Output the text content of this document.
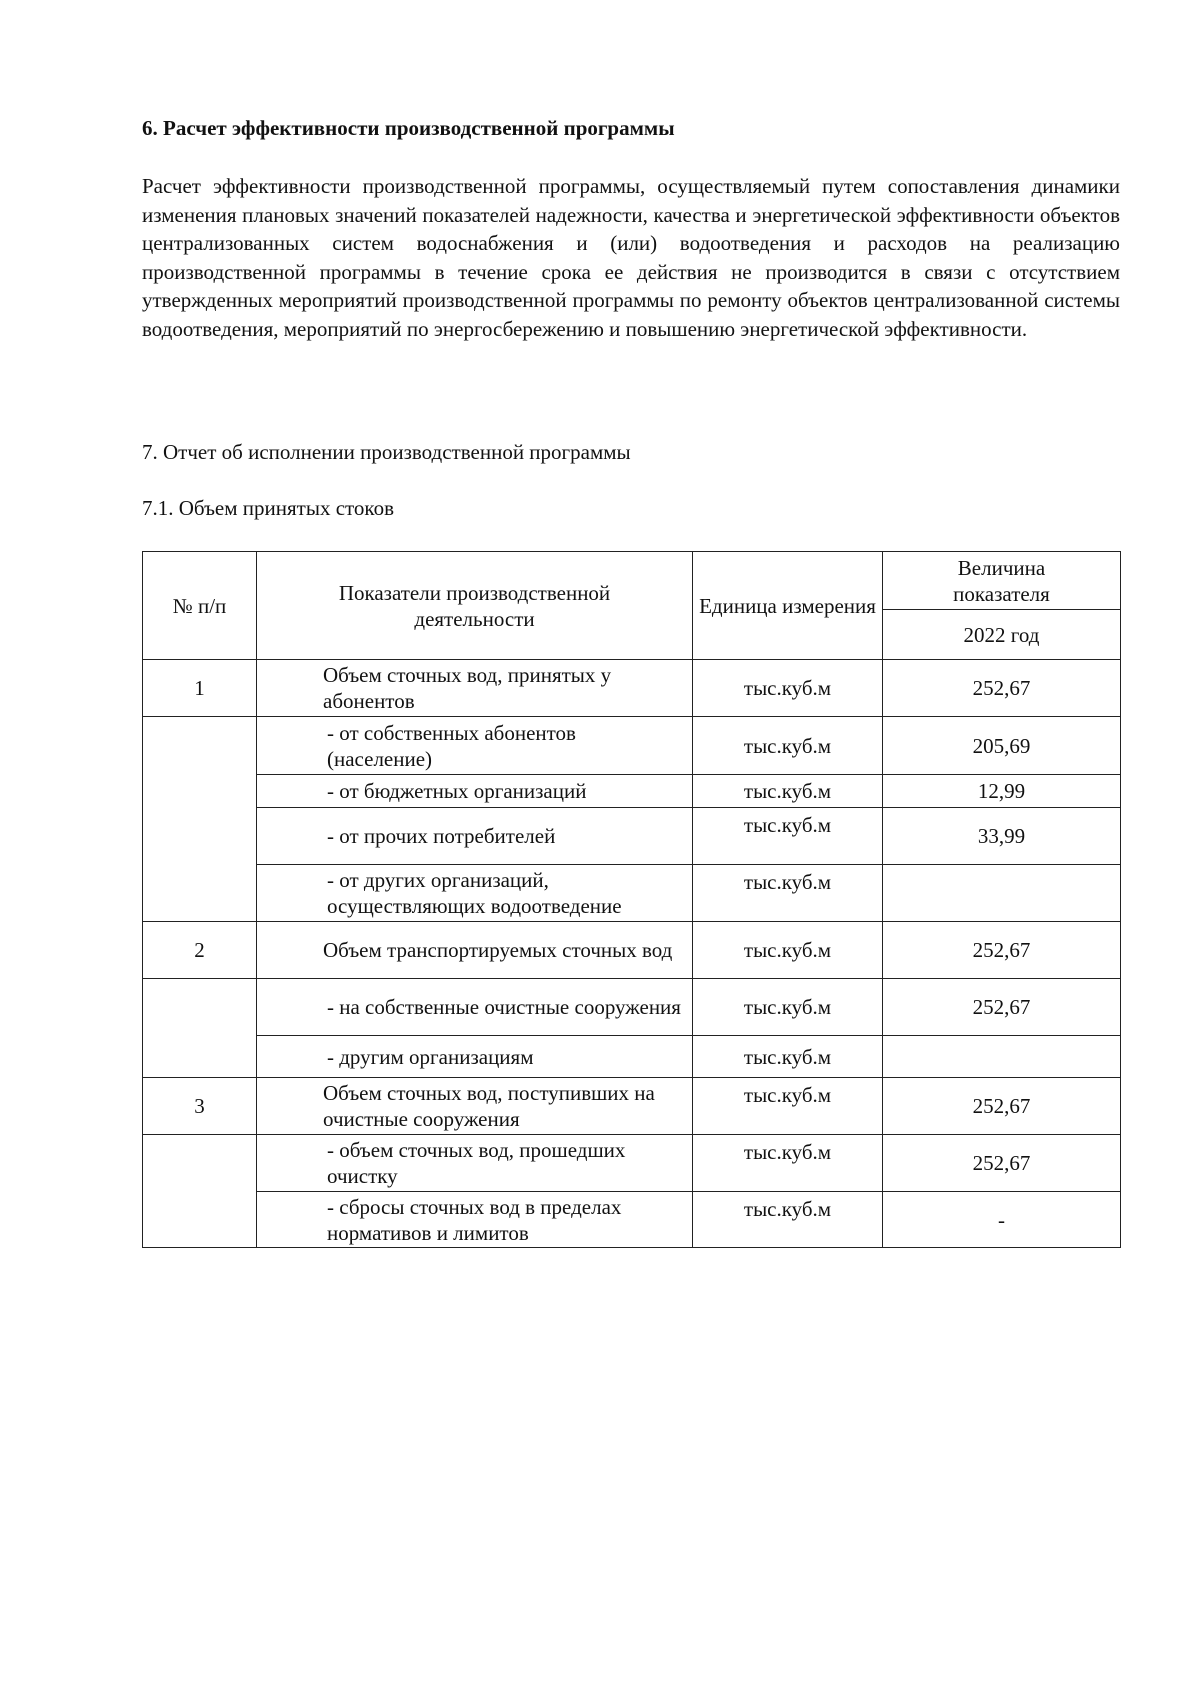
6. Расчет эффективности производственной программы

Расчет эффективности производственной программы, осуществляемый путем сопоставления динамики изменения плановых значений показателей надежности, качества и энергетической эффективности объектов централизованных систем водоснабжения и (или) водоотведения и расходов на реализацию производственной программы в течение срока ее действия не производится в связи с отсутствием утвержденных мероприятий производственной программы по ремонту объектов централизованной системы водоотведения, мероприятий по энергосбережению и повышению энергетической эффективности.

7. Отчет об исполнении производственной программы
7.1. Объем принятых стоков
№ п/п	Показатели производственной деятельности	Единица измерения	Величина показателя
			2022 год
1	Объем сточных вод, принятых у абонентов	тыс.куб.м	252,67
	- от собственных абонентов (население)	тыс.куб.м	205,69
	- от бюджетных организаций	тыс.куб.м	12,99
	- от прочих потребителей	тыс.куб.м	33,99
	- от других организаций, осуществляющих водоотведение	тыс.куб.м	
2	Объем транспортируемых сточных вод	тыс.куб.м	252,67
	- на собственные очистные сооружения	тыс.куб.м	252,67
	- другим организациям	тыс.куб.м	
3	Объем сточных вод, поступивших на очистные сооружения	тыс.куб.м	252,67
	- объем сточных вод, прошедших очистку	тыс.куб.м	252,67
	- сбросы сточных вод в пределах нормативов и лимитов	тыс.куб.м	-
